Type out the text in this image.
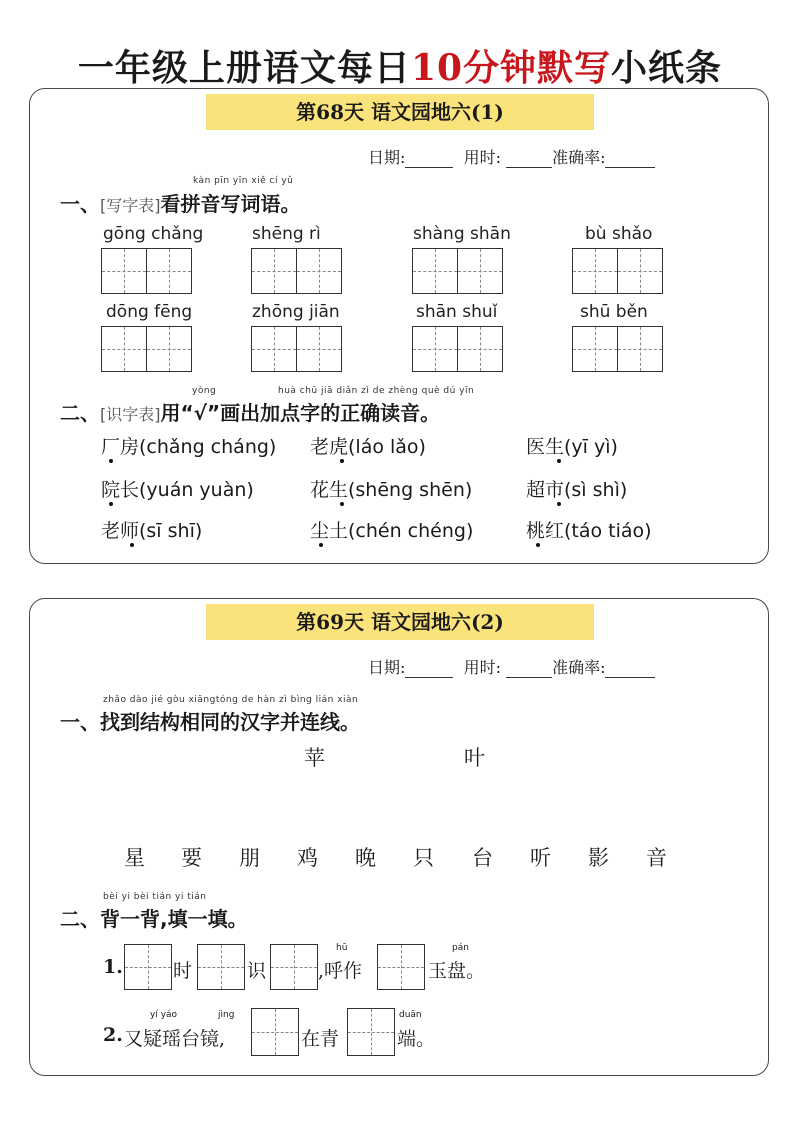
一年级上册语文每日10分钟默写小纸条
第68天 语文园地六(1)
日期:	用时:	准确率:
kàn pīn yīn xiě cí yǔ
一、[写字表]看拼音写词语。
gōng chǎng	shēng rì	shàng shān	bù shǎo
dōng fēng	zhōng jiān	shān shuǐ	shū běn
yòng	huà chū jiā diǎn zì de zhèng què dú yīn
二、[识字表]用“√”画出加点字的正确读音。
厂房(chǎng cháng) 老虎(láo lǎo)	医生(yī yì)
院长(yuán yuàn)	花生(shēng shēn)	超市(sì shì)
老师(sī shī)	尘土(chén chéng)	桃红(táo tiáo)
第69天 语文园地六(2)
日期:	用时:	准确率:
zhǎo dào jié gòu xiāngtóng de hàn zì bìng lián xiàn
一、找到结构相同的汉字并连线。
苹	叶
星 要 朋 鸡 晚 只 台 听 影 音
bèi yi bèi tián yi tián
二、背一背,填一填。
1.	时	识
hū
,呼作
pán
玉盘。
2.
yí yáo	jìng
又疑瑶台镜,	在青
duān
端。
